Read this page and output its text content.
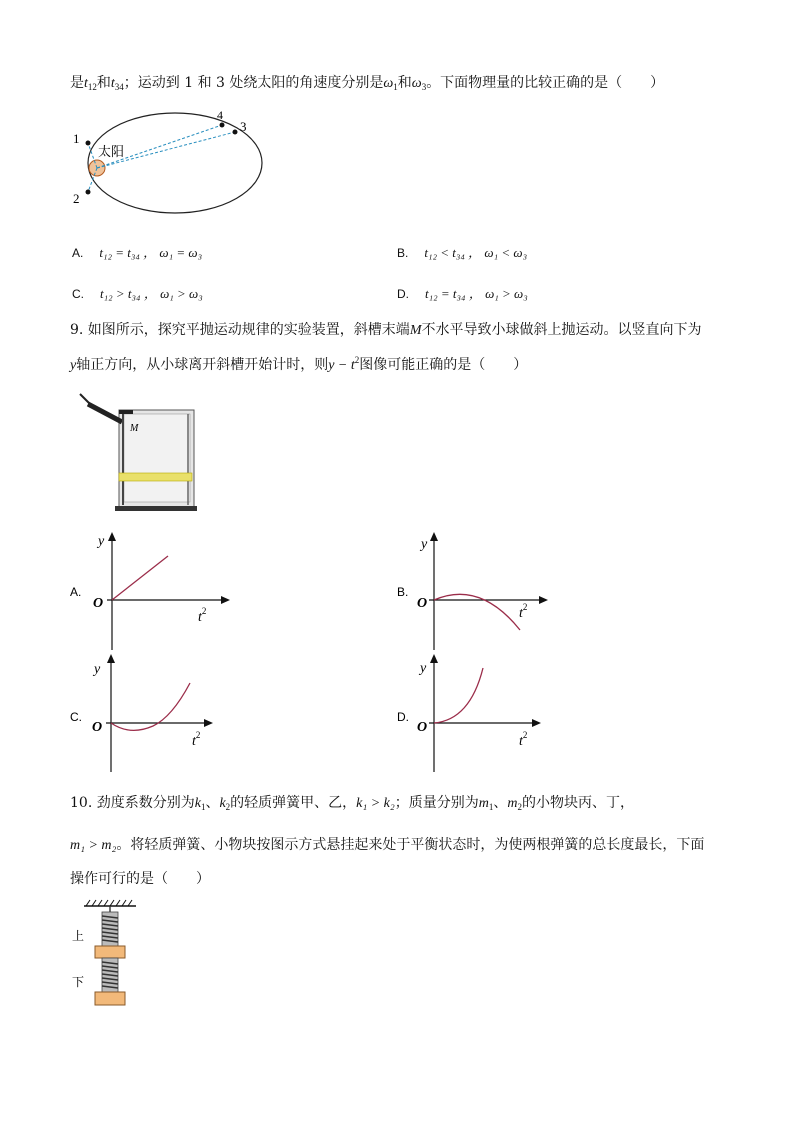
是$t_{12}$和$t_{34}$；运动到 1 和 3 处绕太阳的角速度分别是$\omega_1$和$\omega_3$。下面物理量的比较正确的是（　　）
1
2
4
3
太阳
A. t₁₂ = t₃₄ ， ω₁ = ω₃	B. t₁₂ < t₃₄ ， ω₁ < ω₃
C. t₁₂ > t₃₄ ， ω₁ > ω₃	D. t₁₂ = t₃₄ ， ω₁ > ω₃
9. 如图所示，探究平抛运动规律的实验装置，斜槽末端M不水平导致小球做斜上抛运动。以竖直向下为
y轴正方向，从小球离开斜槽开始计时，则$y - t^2$图像可能正确的是（　　）
M
A.
y
O
$t^2$
B.
y
O
$t^2$
C.
y
O
$t^2$
D.
y
O
$t^2$
10. 劲度系数分别为$k_1$、$k_2$的轻质弹簧甲、乙，k₁ > k₂；质量分别为$m_1$、$m_2$的小物块丙、丁，
m₁ > m₂。将轻质弹簧、小物块按图示方式悬挂起来处于平衡状态时，为使两根弹簧的总长度最长，下面
操作可行的是（　　）
上
下
